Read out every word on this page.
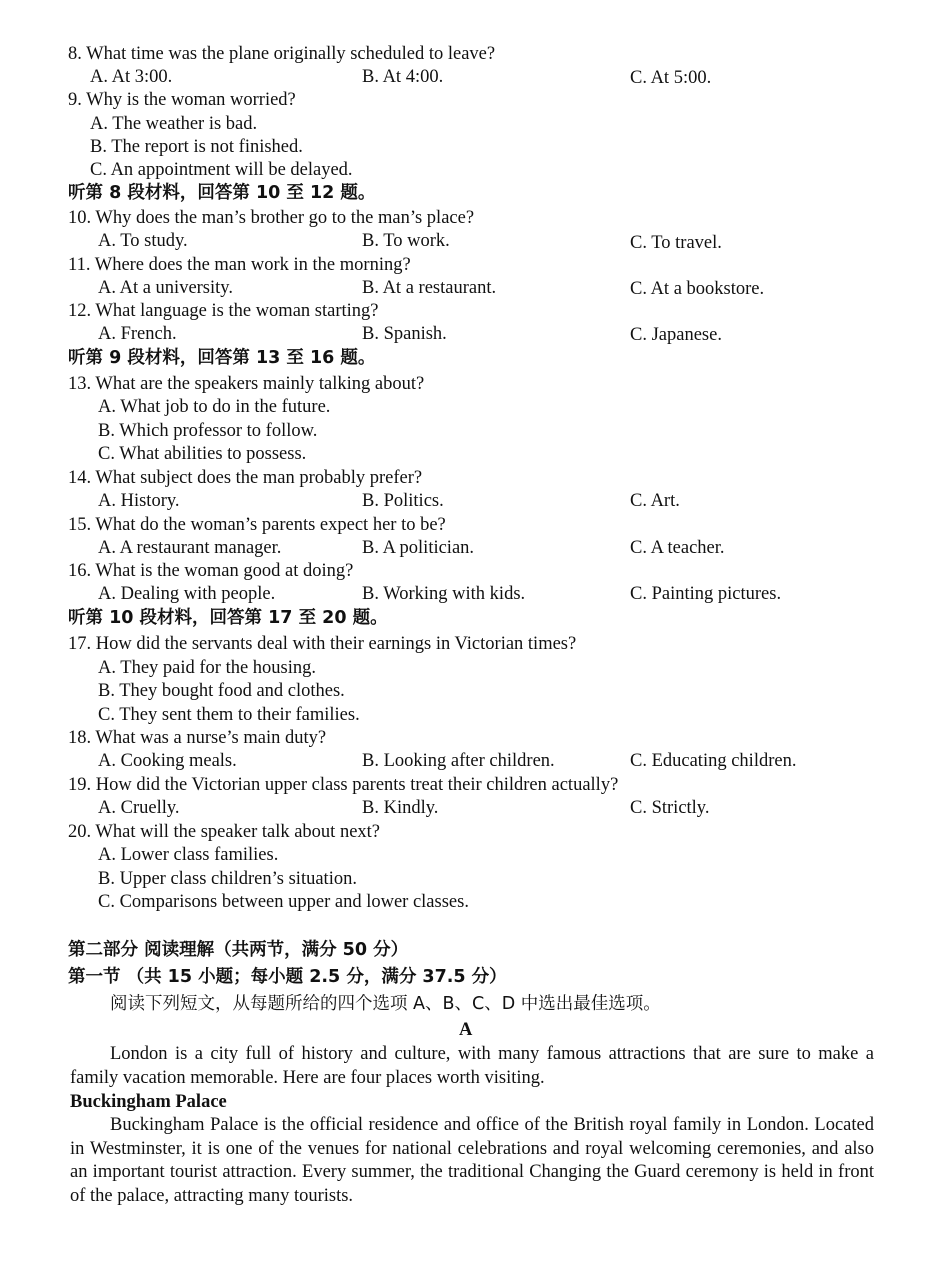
8. What time was the plane originally scheduled to leave?
A. At 3:00.	B. At 4:00.	C. At 5:00.
9. Why is the woman worried?
A. The weather is bad.
B. The report is not finished.
C. An appointment will be delayed.
听第 8 段材料，回答第 10 至 12 题。
10. Why does the man’s brother go to the man’s place?
A. To study.	B. To work.	C. To travel.
11. Where does the man work in the morning?
A. At a university.	B. At a restaurant.	C. At a bookstore.
12. What language is the woman starting?
A. French.	B. Spanish.	C. Japanese.
听第 9 段材料，回答第 13 至 16 题。
13. What are the speakers mainly talking about?
A. What job to do in the future.
B. Which professor to follow.
C. What abilities to possess.
14. What subject does the man probably prefer?
A. History.	B. Politics.	C. Art.
15. What do the woman’s parents expect her to be?
A. A restaurant manager.	B. A politician.	C. A teacher.
16. What is the woman good at doing?
A. Dealing with people.	B. Working with kids.	C. Painting pictures.
听第 10 段材料，回答第 17 至 20 题。
17. How did the servants deal with their earnings in Victorian times?
A. They paid for the housing.
B. They bought food and clothes.
C. They sent them to their families.
18. What was a nurse’s main duty?
A. Cooking meals.	B. Looking after children.	C. Educating children.
19. How did the Victorian upper class parents treat their children actually?
A. Cruelly.	B. Kindly.	C. Strictly.
20. What will the speaker talk about next?
A. Lower class families.
B. Upper class children’s situation.
C. Comparisons between upper and lower classes.
第二部分 阅读理解（共两节，满分 50 分）
第一节 （共 15 小题；每小题 2.5 分，满分 37.5 分）
阅读下列短文，从每题所给的四个选项 A、B、C、D 中选出最佳选项。
A
London is a city full of history and culture, with many famous attractions that are sure to make a family vacation memorable. Here are four places worth visiting.
Buckingham Palace
Buckingham Palace is the official residence and office of the British royal family in London. Located in Westminster, it is one of the venues for national celebrations and royal welcoming ceremonies, and also an important tourist attraction. Every summer, the traditional Changing the Guard ceremony is held in front of the palace, attracting many tourists.
